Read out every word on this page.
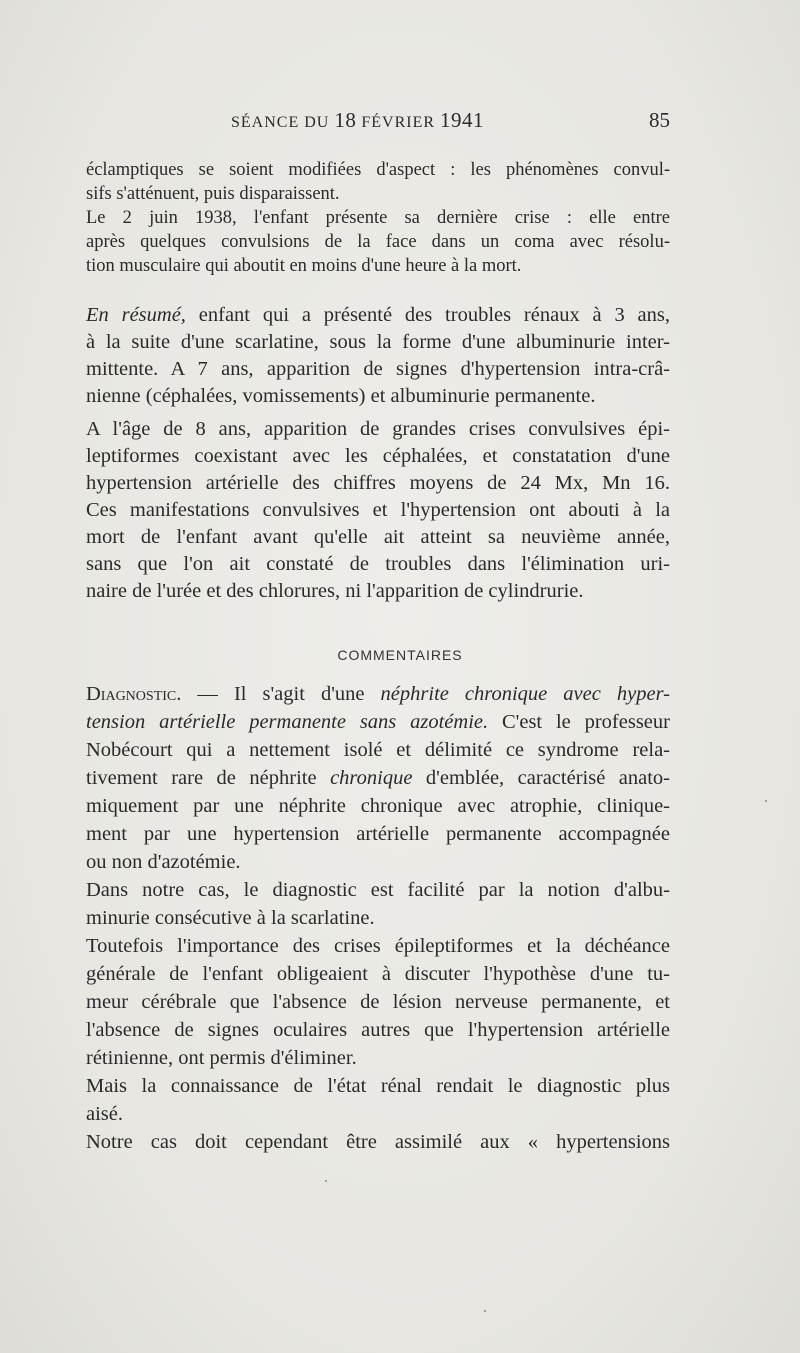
SÉANCE DU 18 FÉVRIER 1941	85
éclamptiques se soient modifiées d'aspect : les phénomènes convul-
sifs s'atténuent, puis disparaissent.
Le 2 juin 1938, l'enfant présente sa dernière crise : elle entre
après quelques convulsions de la face dans un coma avec résolu-
tion musculaire qui aboutit en moins d'une heure à la mort.
En résumé, enfant qui a présenté des troubles rénaux à 3 ans,
à la suite d'une scarlatine, sous la forme d'une albuminurie inter-
mittente. A 7 ans, apparition de signes d'hypertension intra-crâ-
nienne (céphalées, vomissements) et albuminurie permanente.
A l'âge de 8 ans, apparition de grandes crises convulsives épi-
leptiformes coexistant avec les céphalées, et constatation d'une
hypertension artérielle des chiffres moyens de 24 Mx, Mn 16.
Ces manifestations convulsives et l'hypertension ont abouti à la
mort de l'enfant avant qu'elle ait atteint sa neuvième année,
sans que l'on ait constaté de troubles dans l'élimination uri-
naire de l'urée et des chlorures, ni l'apparition de cylindrurie.
COMMENTAIRES
Diagnostic. — Il s'agit d'une néphrite chronique avec hyper-
tension artérielle permanente sans azotémie. C'est le professeur
Nobécourt qui a nettement isolé et délimité ce syndrome rela-
tivement rare de néphrite chronique d'emblée, caractérisé anato-
miquement par une néphrite chronique avec atrophie, clinique-
ment par une hypertension artérielle permanente accompagnée
ou non d'azotémie.
Dans notre cas, le diagnostic est facilité par la notion d'albu-
minurie consécutive à la scarlatine.
Toutefois l'importance des crises épileptiformes et la déchéance
générale de l'enfant obligeaient à discuter l'hypothèse d'une tu-
meur cérébrale que l'absence de lésion nerveuse permanente, et
l'absence de signes oculaires autres que l'hypertension artérielle
rétinienne, ont permis d'éliminer.
Mais la connaissance de l'état rénal rendait le diagnostic plus
aisé.
Notre cas doit cependant être assimilé aux « hypertensions
